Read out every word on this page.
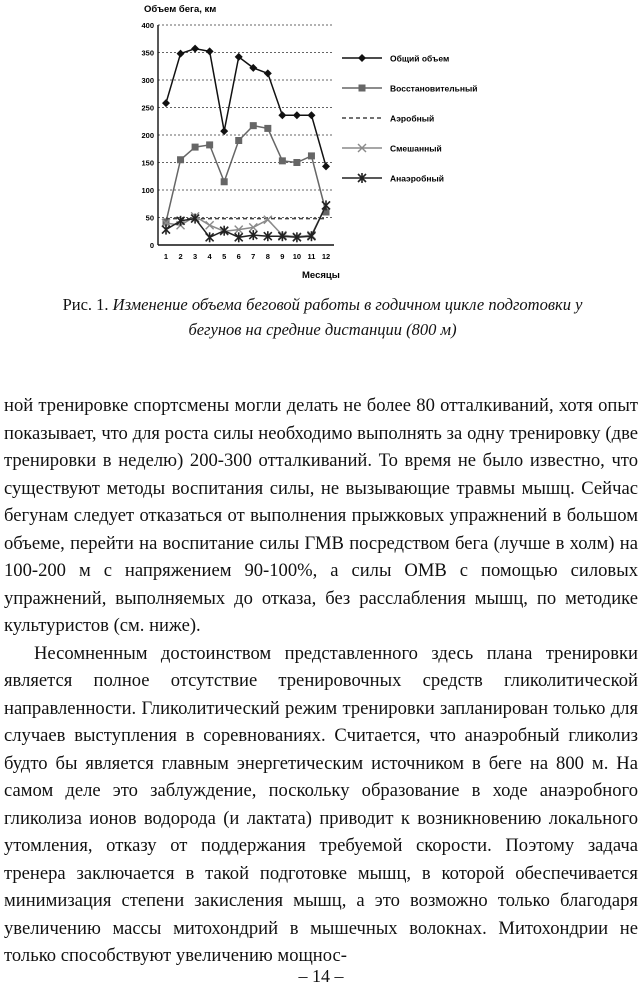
Объем бега, км
Месяцы
0
50
100
150
200
250
300
350
400
1 2 3 4 5 6 7 8 9 10 11 12
Общий объем
Восстановительный
Аэробный
Смешанный
Анаэробный
Рис. 1. Изменение объема беговой работы в годичном цикле подготовки у бегунов на средние дистанции (800 м)

ной тренировке спортсмены могли делать не более 80 отталкиваний, хотя опыт показывает, что для роста силы необходимо выполнять за одну тренировку (две тренировки в неделю) 200-300 отталкиваний. То время не было известно, что существуют методы воспитания силы, не вызывающие травмы мышц. Сейчас бегунам следует отказаться от выполнения прыжковых упражнений в большом объеме, перейти на воспитание силы ГМВ посредством бега (лучше в холм) на 100-200 м с напряжением 90-100%, а силы ОМВ с помощью силовых упражнений, выполняемых до отказа, без расслабления мышц, по методике культуристов (см. ниже).

Несомненным достоинством представленного здесь плана тренировки является полное отсутствие тренировочных средств гликолитической направленности. Гликолитический режим тренировки запланирован только для случаев выступления в соревнованиях. Считается, что анаэробный гликолиз будто бы является главным энергетическим источником в беге на 800 м. На самом деле это заблуждение, поскольку образование в ходе анаэробного гликолиза ионов водорода (и лактата) приводит к возникновению локального утомления, отказу от поддержания требуемой скорости. Поэтому задача тренера заключается в такой подготовке мышц, в которой обеспечивается минимизация степени закисления мышц, а это возможно только благодаря увеличению массы митохондрий в мышечных волокнах. Митохондрии не только способствуют увеличению мощнос-

– 14 –
